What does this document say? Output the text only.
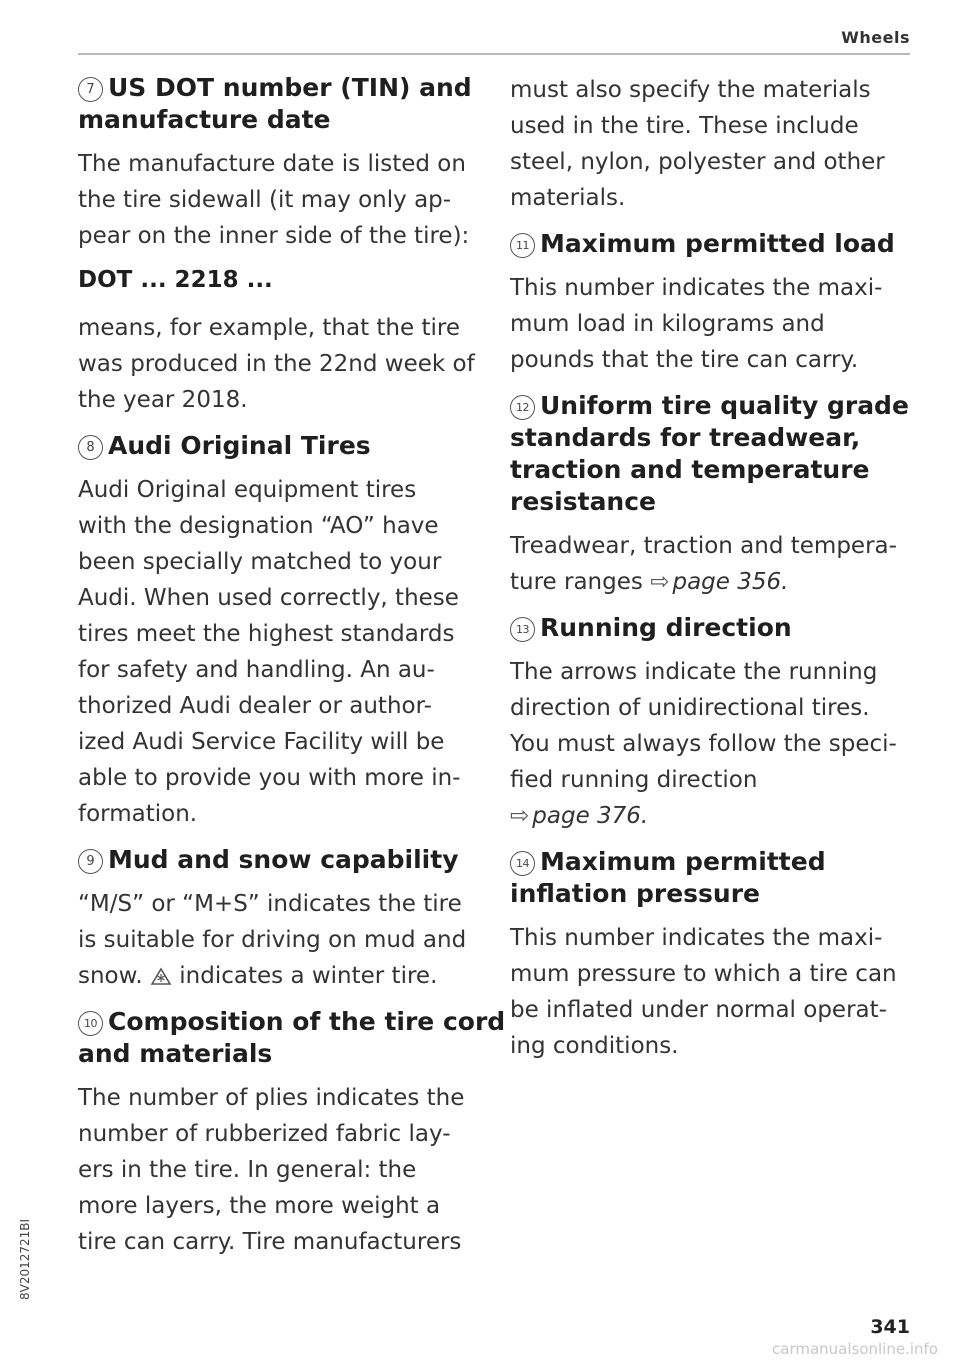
Wheels
7 US DOT number (TIN) and
manufacture date
The manufacture date is listed on
the tire sidewall (it may only ap-
pear on the inner side of the tire):
DOT ... 2218 ...
means, for example, that the tire
was produced in the 22nd week of
the year 2018.
8 Audi Original Tires
Audi Original equipment tires
with the designation “AO” have
been specially matched to your
Audi. When used correctly, these
tires meet the highest standards
for safety and handling. An au-
thorized Audi dealer or author-
ized Audi Service Facility will be
able to provide you with more in-
formation.
9 Mud and snow capability
“M/S” or “M+S” indicates the tire
is suitable for driving on mud and
snow. indicates a winter tire.
10 Composition of the tire cord
and materials
The number of plies indicates the
number of rubberized fabric lay-
ers in the tire. In general: the
more layers, the more weight a
tire can carry. Tire manufacturers
must also specify the materials
used in the tire. These include
steel, nylon, polyester and other
materials.
11 Maximum permitted load
This number indicates the maxi-
mum load in kilograms and
pounds that the tire can carry.
12 Uniform tire quality grade
standards for treadwear,
traction and temperature
resistance
Treadwear, traction and tempera-
ture ranges ⇨ page 356.
13 Running direction
The arrows indicate the running
direction of unidirectional tires.
You must always follow the speci-
fied running direction
⇨ page 376.
14 Maximum permitted
inflation pressure
This number indicates the maxi-
mum pressure to which a tire can
be inflated under normal operat-
ing conditions.
8V2012721BI
341
carmanualsonline.info
